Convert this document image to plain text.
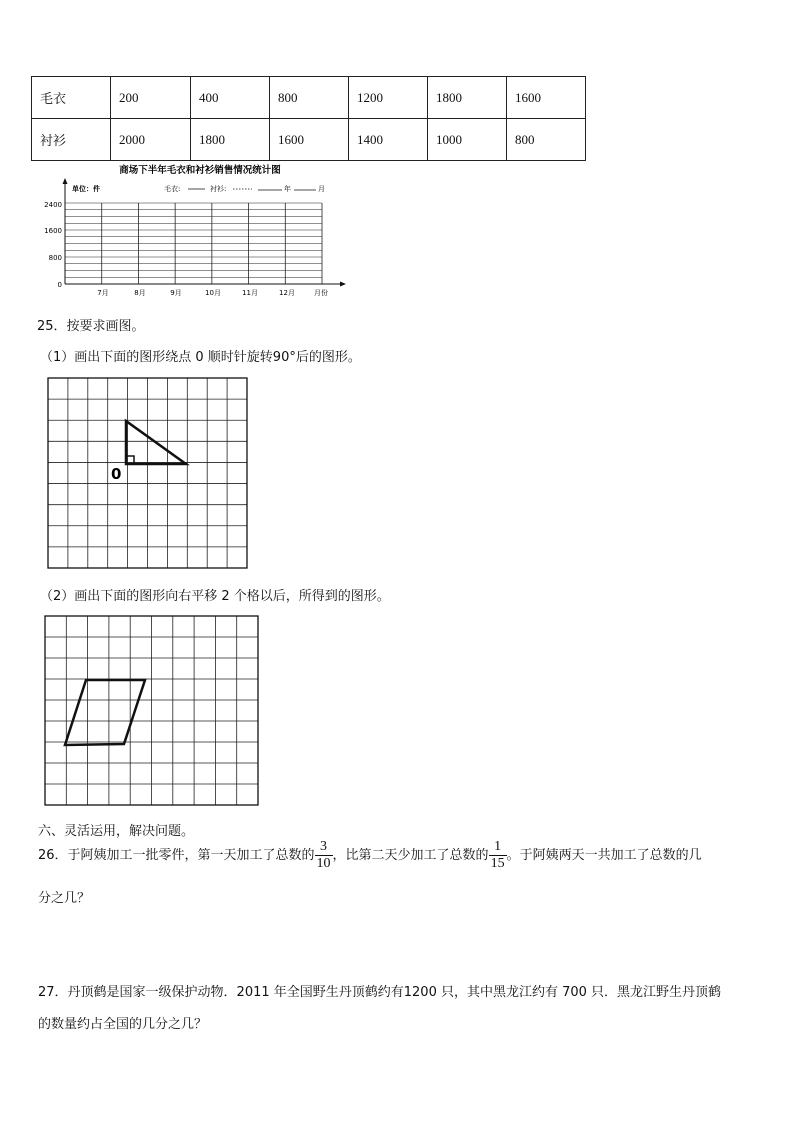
毛衣	200	400	800	1200	1800	1600
衬衫	2000	1800	1600	1400	1000	800
商场下半年毛衣和衬衫销售情况统计图
单位：件	毛衣:	衬衫:	年	月
2400
1600
800
0
7月	8月	9月	10月	11月	12月	月份
25．按要求画图。
（1）画出下面的图形绕点 0 顺时针旋转90°后的图形。
0
（2）画出下面的图形向右平移 2 个格以后，所得到的图形。
六、灵活运用，解决问题。
26．于阿姨加工一批零件，第一天加工了总数的 $\frac{3}{10}$ ，比第二天少加工了总数的 $\frac{1}{15}$ 。于阿姨两天一共加工了总数的几
分之几？
27．丹顶鹤是国家一级保护动物．2011 年全国野生丹顶鹤约有1200 只，其中黑龙江约有 700 只．黑龙江野生丹顶鹤
的数量约占全国的几分之几？
